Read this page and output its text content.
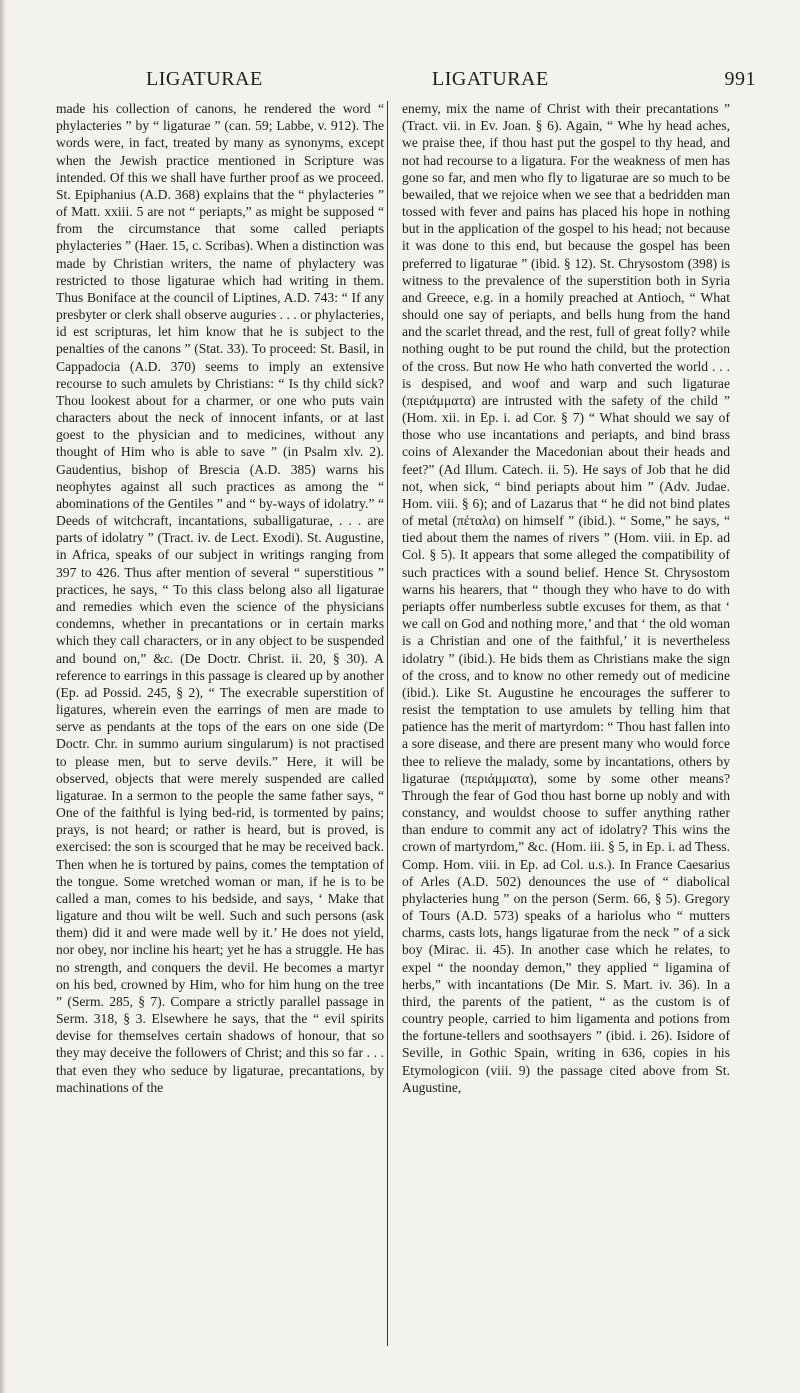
LIGATURAE	LIGATURAE	991

made his collection of canons, he rendered the word “ phylacteries ” by “ ligaturae ” (can. 59; Labbe, v. 912). The words were, in fact, treated by many as synonyms, except when the Jewish practice mentioned in Scripture was intended. Of this we shall have further proof as we proceed. St. Epiphanius (A.D. 368) explains that the “ phylacteries ” of Matt. xxiii. 5 are not “ periapts,” as might be supposed “ from the circumstance that some called periapts phylacteries ” (Haer. 15, c. Scribas). When a distinction was made by Christian writers, the name of phylactery was restricted to those ligaturae which had writing in them. Thus Boniface at the council of Liptines, A.D. 743: “ If any presbyter or clerk shall observe auguries . . . or phylacteries, id est scripturas, let him know that he is subject to the penalties of the canons ” (Stat. 33). To proceed: St. Basil, in Cappadocia (A.D. 370) seems to imply an extensive recourse to such amulets by Christians: “ Is thy child sick? Thou lookest about for a charmer, or one who puts vain characters about the neck of innocent infants, or at last goest to the physician and to medicines, without any thought of Him who is able to save ” (in Psalm xlv. 2). Gaudentius, bishop of Brescia (A.D. 385) warns his neophytes against all such practices as among the “ abominations of the Gentiles ” and “ by-ways of idolatry.” “ Deeds of witchcraft, incantations, suballigaturae, . . . are parts of idolatry ” (Tract. iv. de Lect. Exodi). St. Augustine, in Africa, speaks of our subject in writings ranging from 397 to 426. Thus after mention of several “ superstitious ” practices, he says, “ To this class belong also all ligaturae and remedies which even the science of the physicians condemns, whether in precantations or in certain marks which they call characters, or in any object to be suspended and bound on,” &c. (De Doctr. Christ. ii. 20, § 30). A reference to earrings in this passage is cleared up by another (Ep. ad Possid. 245, § 2), “ The execrable superstition of ligatures, wherein even the earrings of men are made to serve as pendants at the tops of the ears on one side (De Doctr. Chr. in summo aurium singularum) is not practised to please men, but to serve devils.” Here, it will be observed, objects that were merely suspended are called ligaturae. In a sermon to the people the same father says, “ One of the faithful is lying bed-rid, is tormented by pains; prays, is not heard; or rather is heard, but is proved, is exercised: the son is scourged that he may be received back. Then when he is tortured by pains, comes the temptation of the tongue. Some wretched woman or man, if he is to be called a man, comes to his bedside, and says, ‘ Make that ligature and thou wilt be well. Such and such persons (ask them) did it and were made well by it.’ He does not yield, nor obey, nor incline his heart; yet he has a struggle. He has no strength, and conquers the devil. He becomes a martyr on his bed, crowned by Him, who for him hung on the tree ” (Serm. 285, § 7). Compare a strictly parallel passage in Serm. 318, § 3. Elsewhere he says, that the “ evil spirits devise for themselves certain shadows of honour, that so they may deceive the followers of Christ; and this so far . . . that even they who seduce by ligaturae, precantations, by machinations of the

enemy, mix the name of Christ with their precantations ” (Tract. vii. in Ev. Joan. § 6). Again, “ Whe hy head aches, we praise thee, if thou hast put the gospel to thy head, and not had recourse to a ligatura. For the weakness of men has gone so far, and men who fly to ligaturae are so much to be bewailed, that we rejoice when we see that a bedridden man tossed with fever and pains has placed his hope in nothing but in the application of the gospel to his head; not because it was done to this end, but because the gospel has been preferred to ligaturae ” (ibid. § 12). St. Chrysostom (398) is witness to the prevalence of the superstition both in Syria and Greece, e.g. in a homily preached at Antioch, “ What should one say of periapts, and bells hung from the hand and the scarlet thread, and the rest, full of great folly? while nothing ought to be put round the child, but the protection of the cross. But now He who hath converted the world . . . is despised, and woof and warp and such ligaturae (περιάμματα) are intrusted with the safety of the child ” (Hom. xii. in Ep. i. ad Cor. § 7) “ What should we say of those who use incantations and periapts, and bind brass coins of Alexander the Macedonian about their heads and feet?” (Ad Illum. Catech. ii. 5). He says of Job that he did not, when sick, “ bind periapts about him ” (Adv. Judae. Hom. viii. § 6); and of Lazarus that “ he did not bind plates of metal (πέταλα) on himself ” (ibid.). “ Some,” he says, “ tied about them the names of rivers ” (Hom. viii. in Ep. ad Col. § 5). It appears that some alleged the compatibility of such practices with a sound belief. Hence St. Chrysostom warns his hearers, that “ though they who have to do with periapts offer numberless subtle excuses for them, as that ‘ we call on God and nothing more,’ and that ‘ the old woman is a Christian and one of the faithful,’ it is nevertheless idolatry ” (ibid.). He bids them as Christians make the sign of the cross, and to know no other remedy out of medicine (ibid.). Like St. Augustine he encourages the sufferer to resist the temptation to use amulets by telling him that patience has the merit of martyrdom: “ Thou hast fallen into a sore disease, and there are present many who would force thee to relieve the malady, some by incantations, others by ligaturae (περιάμματα), some by some other means? Through the fear of God thou hast borne up nobly and with constancy, and wouldst choose to suffer anything rather than endure to commit any act of idolatry? This wins the crown of martyrdom,” &c. (Hom. iii. § 5, in Ep. i. ad Thess. Comp. Hom. viii. in Ep. ad Col. u.s.). In France Caesarius of Arles (A.D. 502) denounces the use of “ diabolical phylacteries hung ” on the person (Serm. 66, § 5). Gregory of Tours (A.D. 573) speaks of a hariolus who “ mutters charms, casts lots, hangs ligaturae from the neck ” of a sick boy (Mirac. ii. 45). In another case which he relates, to expel “ the noonday demon,” they applied “ ligamina of herbs,” with incantations (De Mir. S. Mart. iv. 36). In a third, the parents of the patient, “ as the custom is of country people, carried to him ligamenta and potions from the fortune-tellers and soothsayers ” (ibid. i. 26). Isidore of Seville, in Gothic Spain, writing in 636, copies in his Etymologicon (viii. 9) the passage cited above from St. Augustine,
